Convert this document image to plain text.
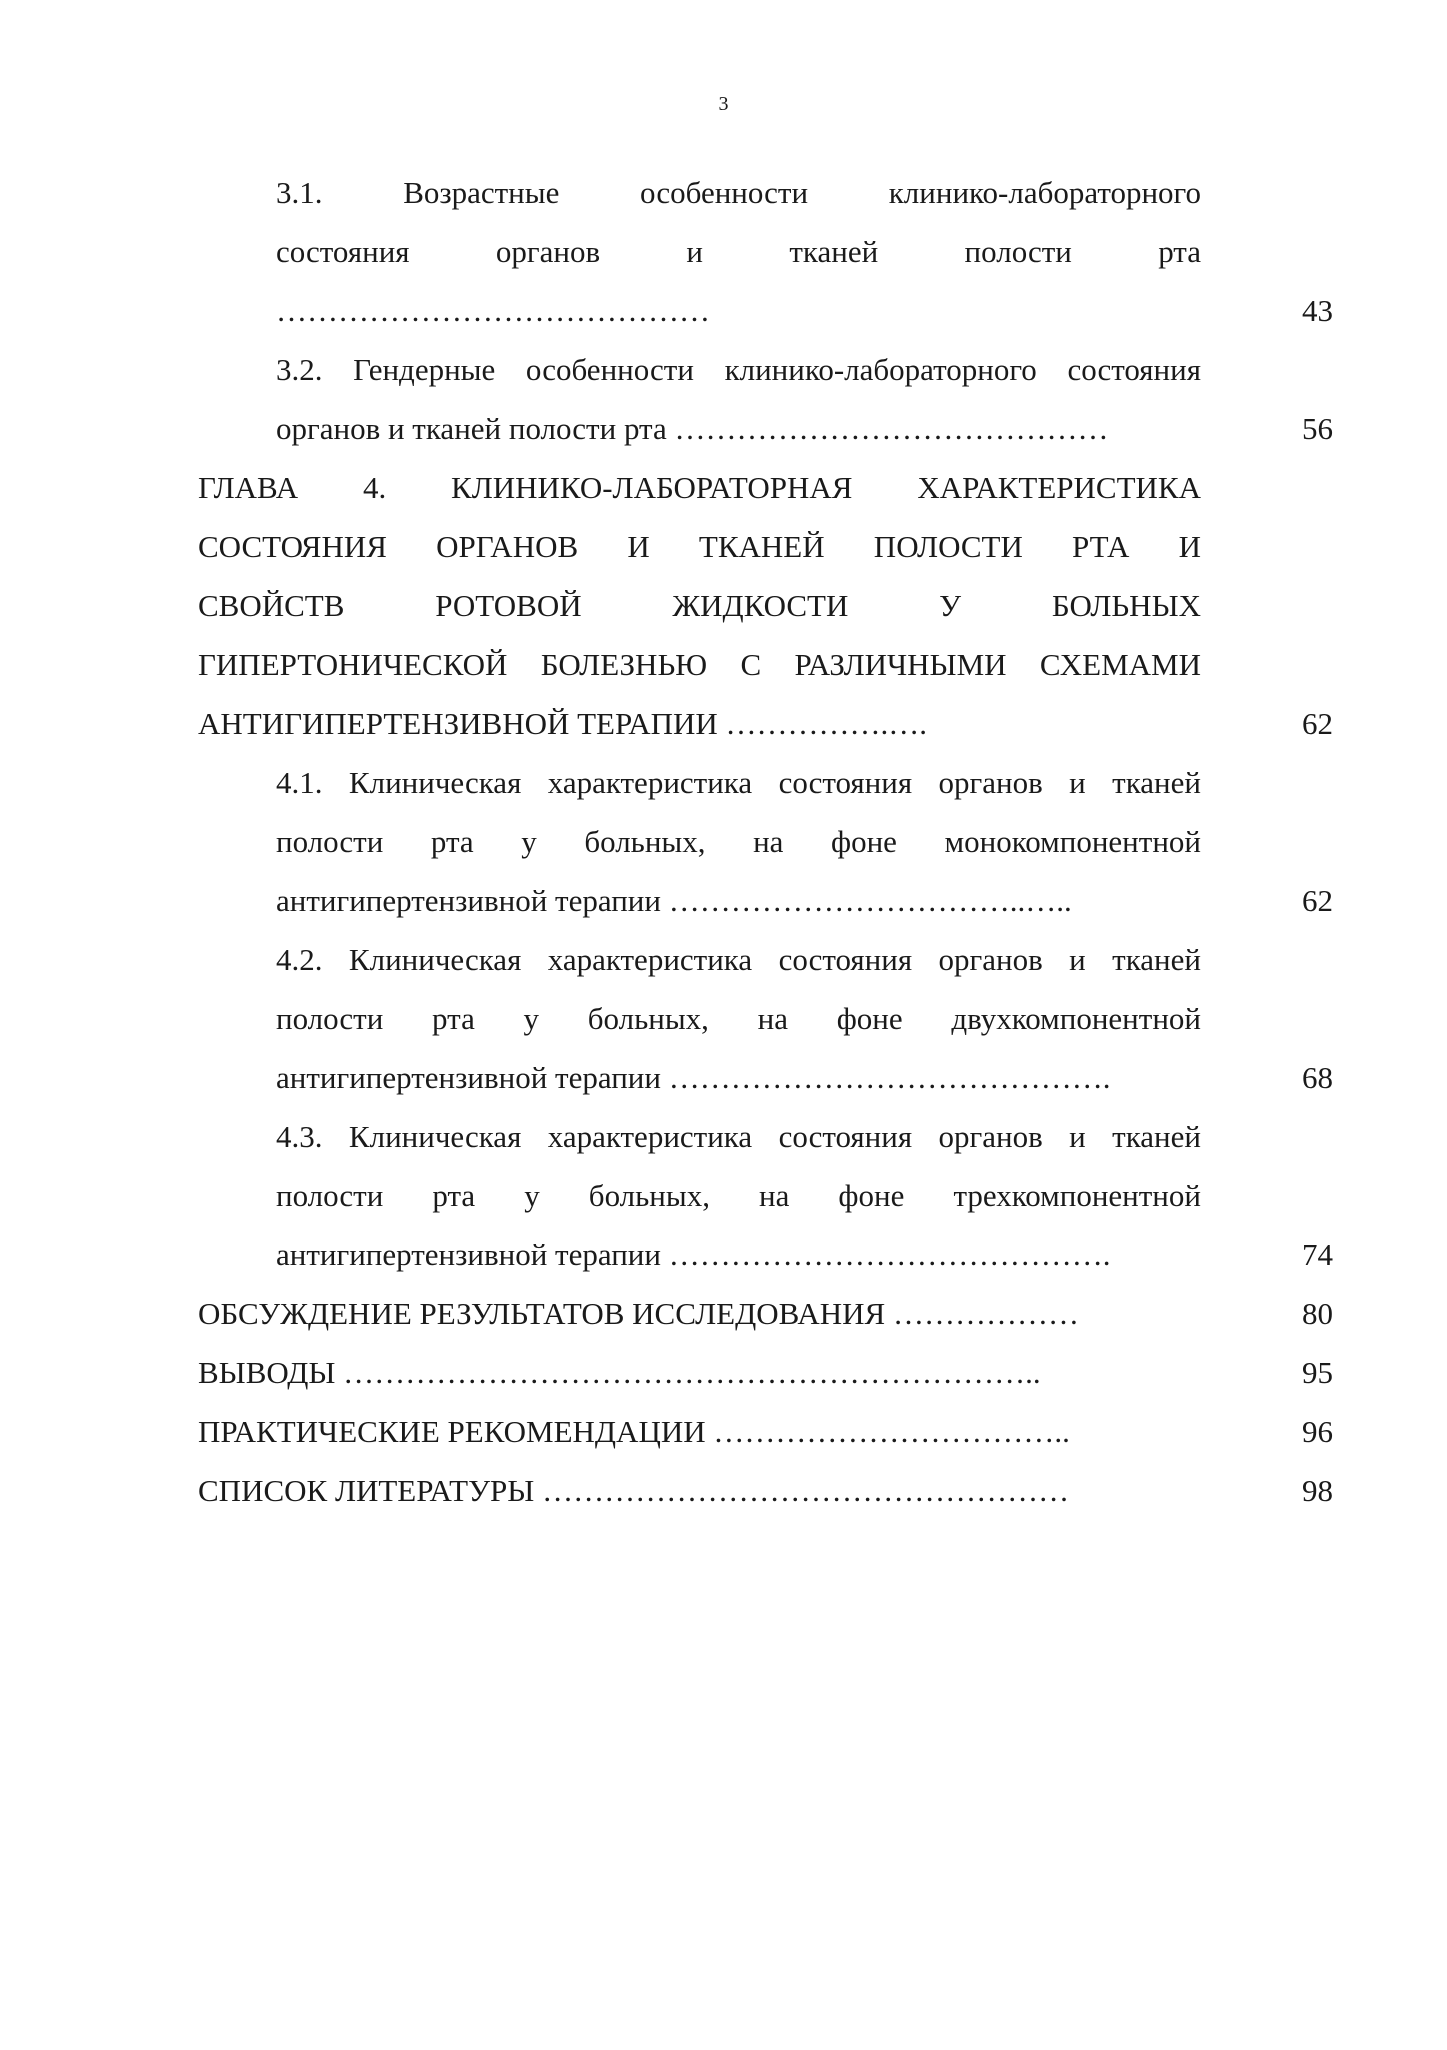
3
3.1. Возрастные особенности клинико-лабораторного
состояния органов и тканей полости рта
……………………………………	43
3.2. Гендерные особенности клинико-лабораторного состояния
органов и тканей полости рта ……………………………………	56
ГЛАВА 4. КЛИНИКО-ЛАБОРАТОРНАЯ ХАРАКТЕРИСТИКА
СОСТОЯНИЯ ОРГАНОВ И ТКАНЕЙ ПОЛОСТИ РТА И
СВОЙСТВ РОТОВОЙ ЖИДКОСТИ У БОЛЬНЫХ
ГИПЕРТОНИЧЕСКОЙ БОЛЕЗНЬЮ С РАЗЛИЧНЫМИ СХЕМАМИ
АНТИГИПЕРТЕНЗИВНОЙ ТЕРАПИИ …………….….	62
4.1. Клиническая характеристика состояния органов и тканей
полости рта у больных, на фоне монокомпонентной
антигипертензивной терапии ……………………………..…..	62
4.2. Клиническая характеристика состояния органов и тканей
полости рта у больных, на фоне двухкомпонентной
антигипертензивной терапии …………………………………….	68
4.3. Клиническая характеристика состояния органов и тканей
полости рта у больных, на фоне трехкомпонентной
антигипертензивной терапии …………………………………….	74
ОБСУЖДЕНИЕ РЕЗУЛЬТАТОВ ИССЛЕДОВАНИЯ ………………	80
ВЫВОДЫ …………………………………………………………..	95
ПРАКТИЧЕСКИЕ РЕКОМЕНДАЦИИ ……………………………..	96
СПИСОК ЛИТЕРАТУРЫ ……………………………………………	98
